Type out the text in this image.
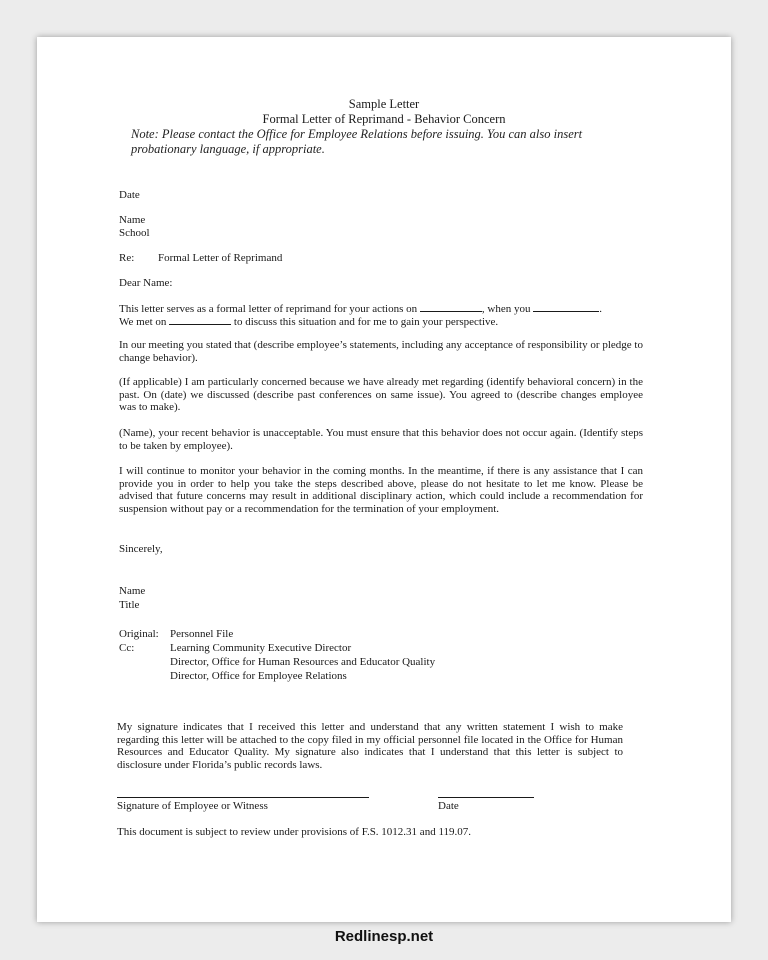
Sample Letter
Formal Letter of Reprimand - Behavior Concern
Note: Please contact the Office for Employee Relations before issuing. You can also insert probationary language, if appropriate.
Date
Name
School
Re: Formal Letter of Reprimand
Dear Name:
This letter serves as a formal letter of reprimand for your actions on	, when you	.
We met on	to discuss this situation and for me to gain your perspective.
In our meeting you stated that (describe employee’s statements, including any acceptance of responsibility or pledge to change behavior).
(If applicable) I am particularly concerned because we have already met regarding (identify behavioral concern) in the past. On (date) we discussed (describe past conferences on same issue). You agreed to (describe changes employee was to make).
(Name), your recent behavior is unacceptable. You must ensure that this behavior does not occur again. (Identify steps to be taken by employee).
I will continue to monitor your behavior in the coming months. In the meantime, if there is any assistance that I can provide you in order to help you take the steps described above, please do not hesitate to let me know. Please be advised that future concerns may result in additional disciplinary action, which could include a recommendation for suspension without pay or a recommendation for the termination of your employment.
Sincerely,
Name
Title
Original: Personnel File
Cc:	Learning Community Executive Director
Director, Office for Human Resources and Educator Quality
Director, Office for Employee Relations
My signature indicates that I received this letter and understand that any written statement I wish to make regarding this letter will be attached to the copy filed in my official personnel file located in the Office for Human Resources and Educator Quality. My signature also indicates that I understand that this letter is subject to disclosure under Florida’s public records laws.
Signature of Employee or Witness	Date
This document is subject to review under provisions of F.S. 1012.31 and 119.07.
Redlinesp.net
